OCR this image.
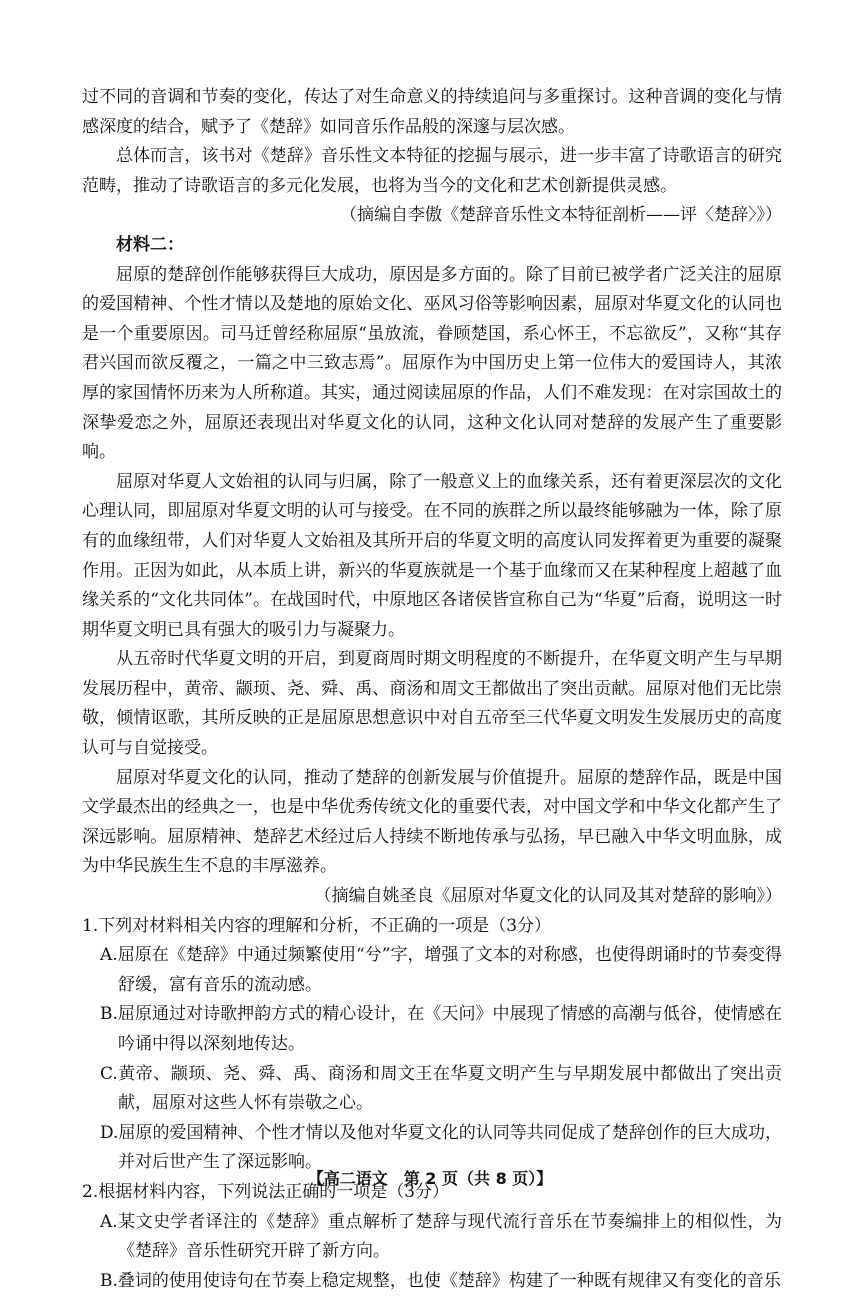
过不同的音调和节奏的变化，传达了对生命意义的持续追问与多重探讨。这种音调的变化与情感深度的结合，赋予了《楚辞》如同音乐作品般的深邃与层次感。

总体而言，该书对《楚辞》音乐性文本特征的挖掘与展示，进一步丰富了诗歌语言的研究范畴，推动了诗歌语言的多元化发展，也将为当今的文化和艺术创新提供灵感。

（摘编自李傲《楚辞音乐性文本特征剖析——评〈楚辞〉》）

材料二：

屈原的楚辞创作能够获得巨大成功，原因是多方面的。除了目前已被学者广泛关注的屈原的爱国精神、个性才情以及楚地的原始文化、巫风习俗等影响因素，屈原对华夏文化的认同也是一个重要原因。司马迁曾经称屈原“虽放流，眷顾楚国，系心怀王，不忘欲反”，又称“其存君兴国而欲反覆之，一篇之中三致志焉”。屈原作为中国历史上第一位伟大的爱国诗人，其浓厚的家国情怀历来为人所称道。其实，通过阅读屈原的作品，人们不难发现：在对宗国故土的深挚爱恋之外，屈原还表现出对华夏文化的认同，这种文化认同对楚辞的发展产生了重要影响。

屈原对华夏人文始祖的认同与归属，除了一般意义上的血缘关系，还有着更深层次的文化心理认同，即屈原对华夏文明的认可与接受。在不同的族群之所以最终能够融为一体，除了原有的血缘纽带，人们对华夏人文始祖及其所开启的华夏文明的高度认同发挥着更为重要的凝聚作用。正因为如此，从本质上讲，新兴的华夏族就是一个基于血缘而又在某种程度上超越了血缘关系的“文化共同体”。在战国时代，中原地区各诸侯皆宣称自己为“华夏”后裔，说明这一时期华夏文明已具有强大的吸引力与凝聚力。

从五帝时代华夏文明的开启，到夏商周时期文明程度的不断提升，在华夏文明产生与早期发展历程中，黄帝、颛顼、尧、舜、禹、商汤和周文王都做出了突出贡献。屈原对他们无比崇敬，倾情讴歌，其所反映的正是屈原思想意识中对自五帝至三代华夏文明发生发展历史的高度认可与自觉接受。

屈原对华夏文化的认同，推动了楚辞的创新发展与价值提升。屈原的楚辞作品，既是中国文学最杰出的经典之一，也是中华优秀传统文化的重要代表，对中国文学和中华文化都产生了深远影响。屈原精神、楚辞艺术经过后人持续不断地传承与弘扬，早已融入中华文明血脉，成为中华民族生生不息的丰厚滋养。

（摘编自姚圣良《屈原对华夏文化的认同及其对楚辞的影响》）

1.下列对材料相关内容的理解和分析，不正确的一项是（3分）

A.屈原在《楚辞》中通过频繁使用“兮”字，增强了文本的对称感，也使得朗诵时的节奏变得舒缓，富有音乐的流动感。

B.屈原通过对诗歌押韵方式的精心设计，在《天问》中展现了情感的高潮与低谷，使情感在吟诵中得以深刻地传达。

C.黄帝、颛顼、尧、舜、禹、商汤和周文王在华夏文明产生与早期发展中都做出了突出贡献，屈原对这些人怀有崇敬之心。

D.屈原的爱国精神、个性才情以及他对华夏文化的认同等共同促成了楚辞创作的巨大成功，并对后世产生了深远影响。

2.根据材料内容，下列说法正确的一项是（3分）

A.某文史学者译注的《楚辞》重点解析了楚辞与现代流行音乐在节奏编排上的相似性，为《楚辞》音乐性研究开辟了新方向。

B.叠词的使用使诗句在节奏上稳定规整，也使《楚辞》构建了一种既有规律又有变化的音乐

【高二语文　第 2 页（共 8 页）】
